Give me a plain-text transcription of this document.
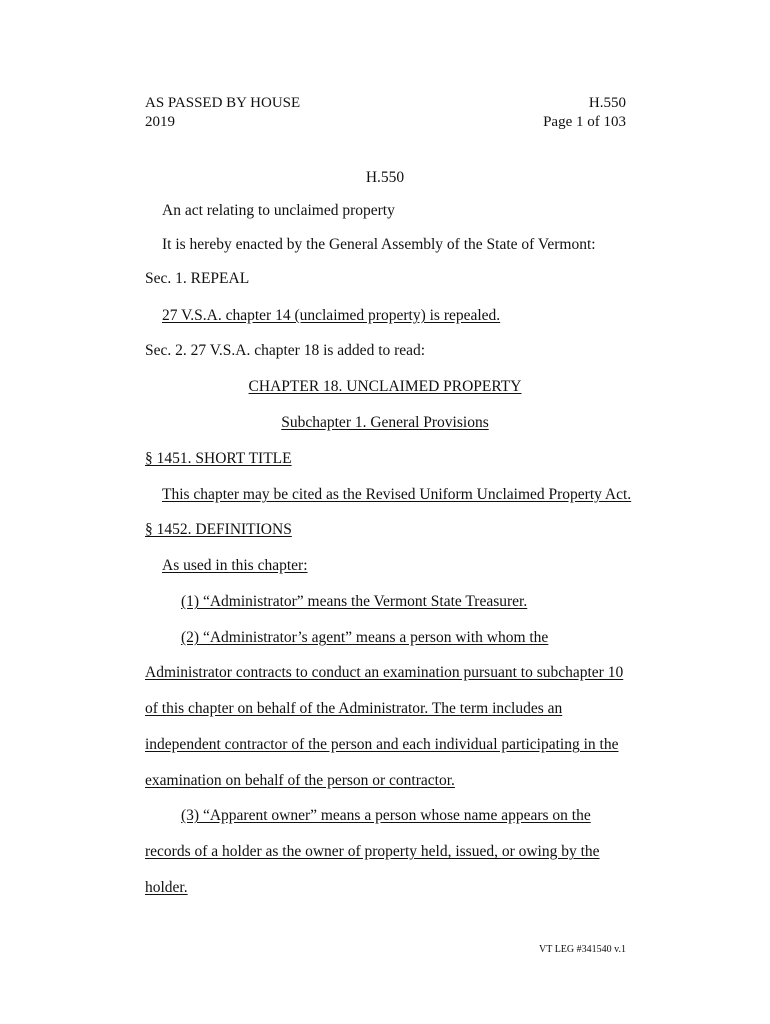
AS PASSED BY HOUSE
2019
H.550
Page 1 of 103
H.550
An act relating to unclaimed property
It is hereby enacted by the General Assembly of the State of Vermont:
Sec. 1. REPEAL
27 V.S.A. chapter 14 (unclaimed property) is repealed.
Sec. 2. 27 V.S.A. chapter 18 is added to read:
CHAPTER 18. UNCLAIMED PROPERTY
Subchapter 1. General Provisions
§ 1451. SHORT TITLE
This chapter may be cited as the Revised Uniform Unclaimed Property Act.
§ 1452. DEFINITIONS
As used in this chapter:
(1) “Administrator” means the Vermont State Treasurer.
(2) “Administrator’s agent” means a person with whom the
Administrator contracts to conduct an examination pursuant to subchapter 10
of this chapter on behalf of the Administrator. The term includes an
independent contractor of the person and each individual participating in the
examination on behalf of the person or contractor.
(3) “Apparent owner” means a person whose name appears on the
records of a holder as the owner of property held, issued, or owing by the
holder.
VT LEG #341540 v.1
